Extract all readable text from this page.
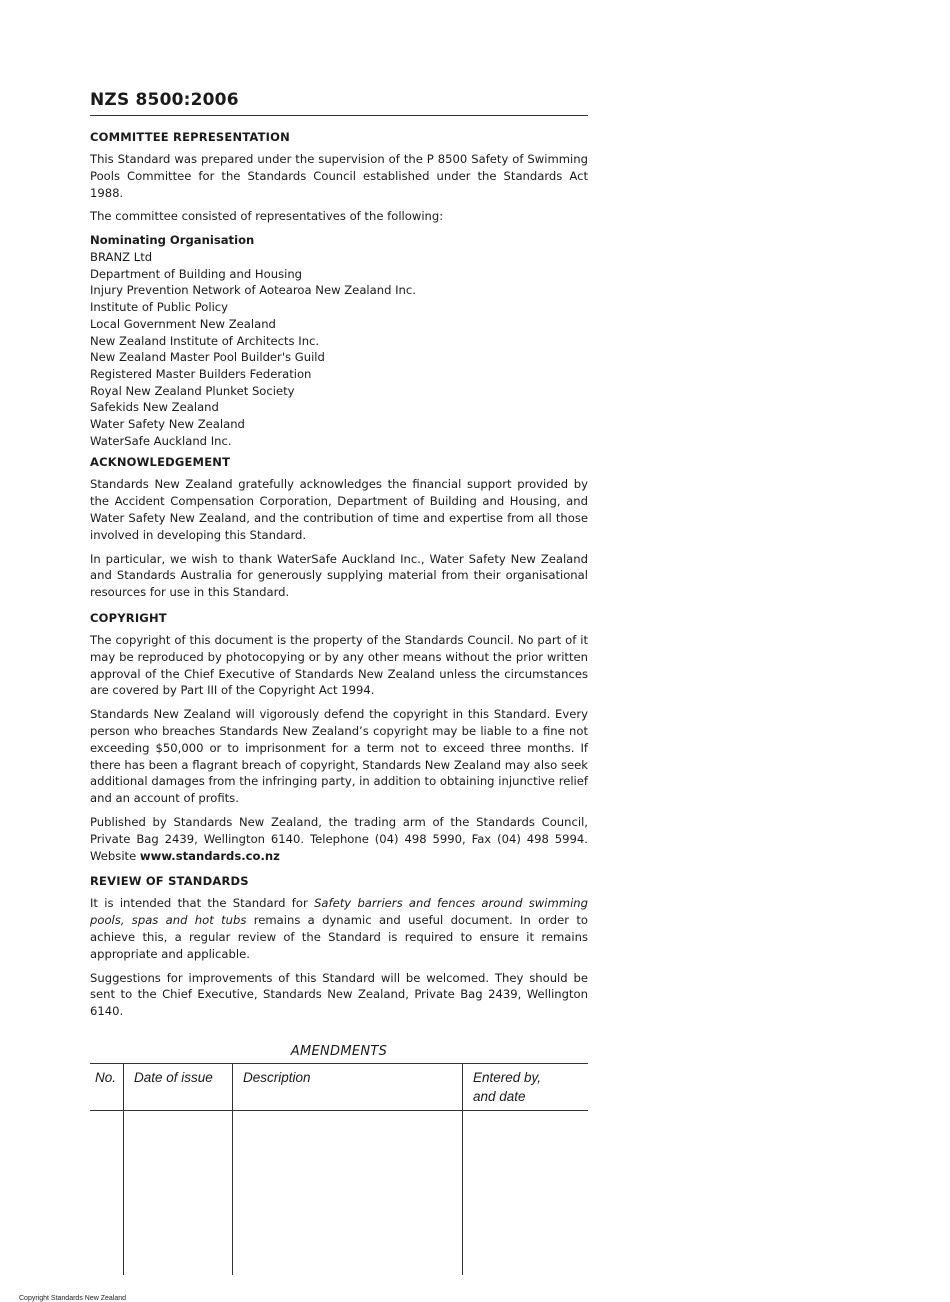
NZS 8500:2006
COMMITTEE REPRESENTATION

This Standard was prepared under the supervision of the P 8500 Safety of Swimming Pools Committee for the Standards Council established under the Standards Act 1988.

The committee consisted of representatives of the following:

Nominating Organisation
BRANZ Ltd
Department of Building and Housing
Injury Prevention Network of Aotearoa New Zealand Inc.
Institute of Public Policy
Local Government New Zealand
New Zealand Institute of Architects Inc.
New Zealand Master Pool Builder's Guild
Registered Master Builders Federation
Royal New Zealand Plunket Society
Safekids New Zealand
Water Safety New Zealand
WaterSafe Auckland Inc.
ACKNOWLEDGEMENT

Standards New Zealand gratefully acknowledges the financial support provided by the Accident Compensation Corporation, Department of Building and Housing, and Water Safety New Zealand, and the contribution of time and expertise from all those involved in developing this Standard.

In particular, we wish to thank WaterSafe Auckland Inc., Water Safety New Zealand and Standards Australia for generously supplying material from their organisational resources for use in this Standard.

COPYRIGHT

The copyright of this document is the property of the Standards Council. No part of it may be reproduced by photocopying or by any other means without the prior written approval of the Chief Executive of Standards New Zealand unless the circumstances are covered by Part III of the Copyright Act 1994.

Standards New Zealand will vigorously defend the copyright in this Standard. Every person who breaches Standards New Zealand’s copyright may be liable to a fine not exceeding $50,000 or to imprisonment for a term not to exceed three months. If there has been a flagrant breach of copyright, Standards New Zealand may also seek additional damages from the infringing party, in addition to obtaining injunctive relief and an account of profits.

Published by Standards New Zealand, the trading arm of the Standards Council, Private Bag 2439, Wellington 6140. Telephone (04) 498 5990, Fax (04) 498 5994. Website www.standards.co.nz

REVIEW OF STANDARDS

It is intended that the Standard for Safety barriers and fences around swimming pools, spas and hot tubs remains a dynamic and useful document. In order to achieve this, a regular review of the Standard is required to ensure it remains appropriate and applicable.

Suggestions for improvements of this Standard will be welcomed. They should be sent to the Chief Executive, Standards New Zealand, Private Bag 2439, Wellington 6140.

AMENDMENTS
No.	Date of issue	Description	Entered by,
and date

Copyright Standards New Zealand
